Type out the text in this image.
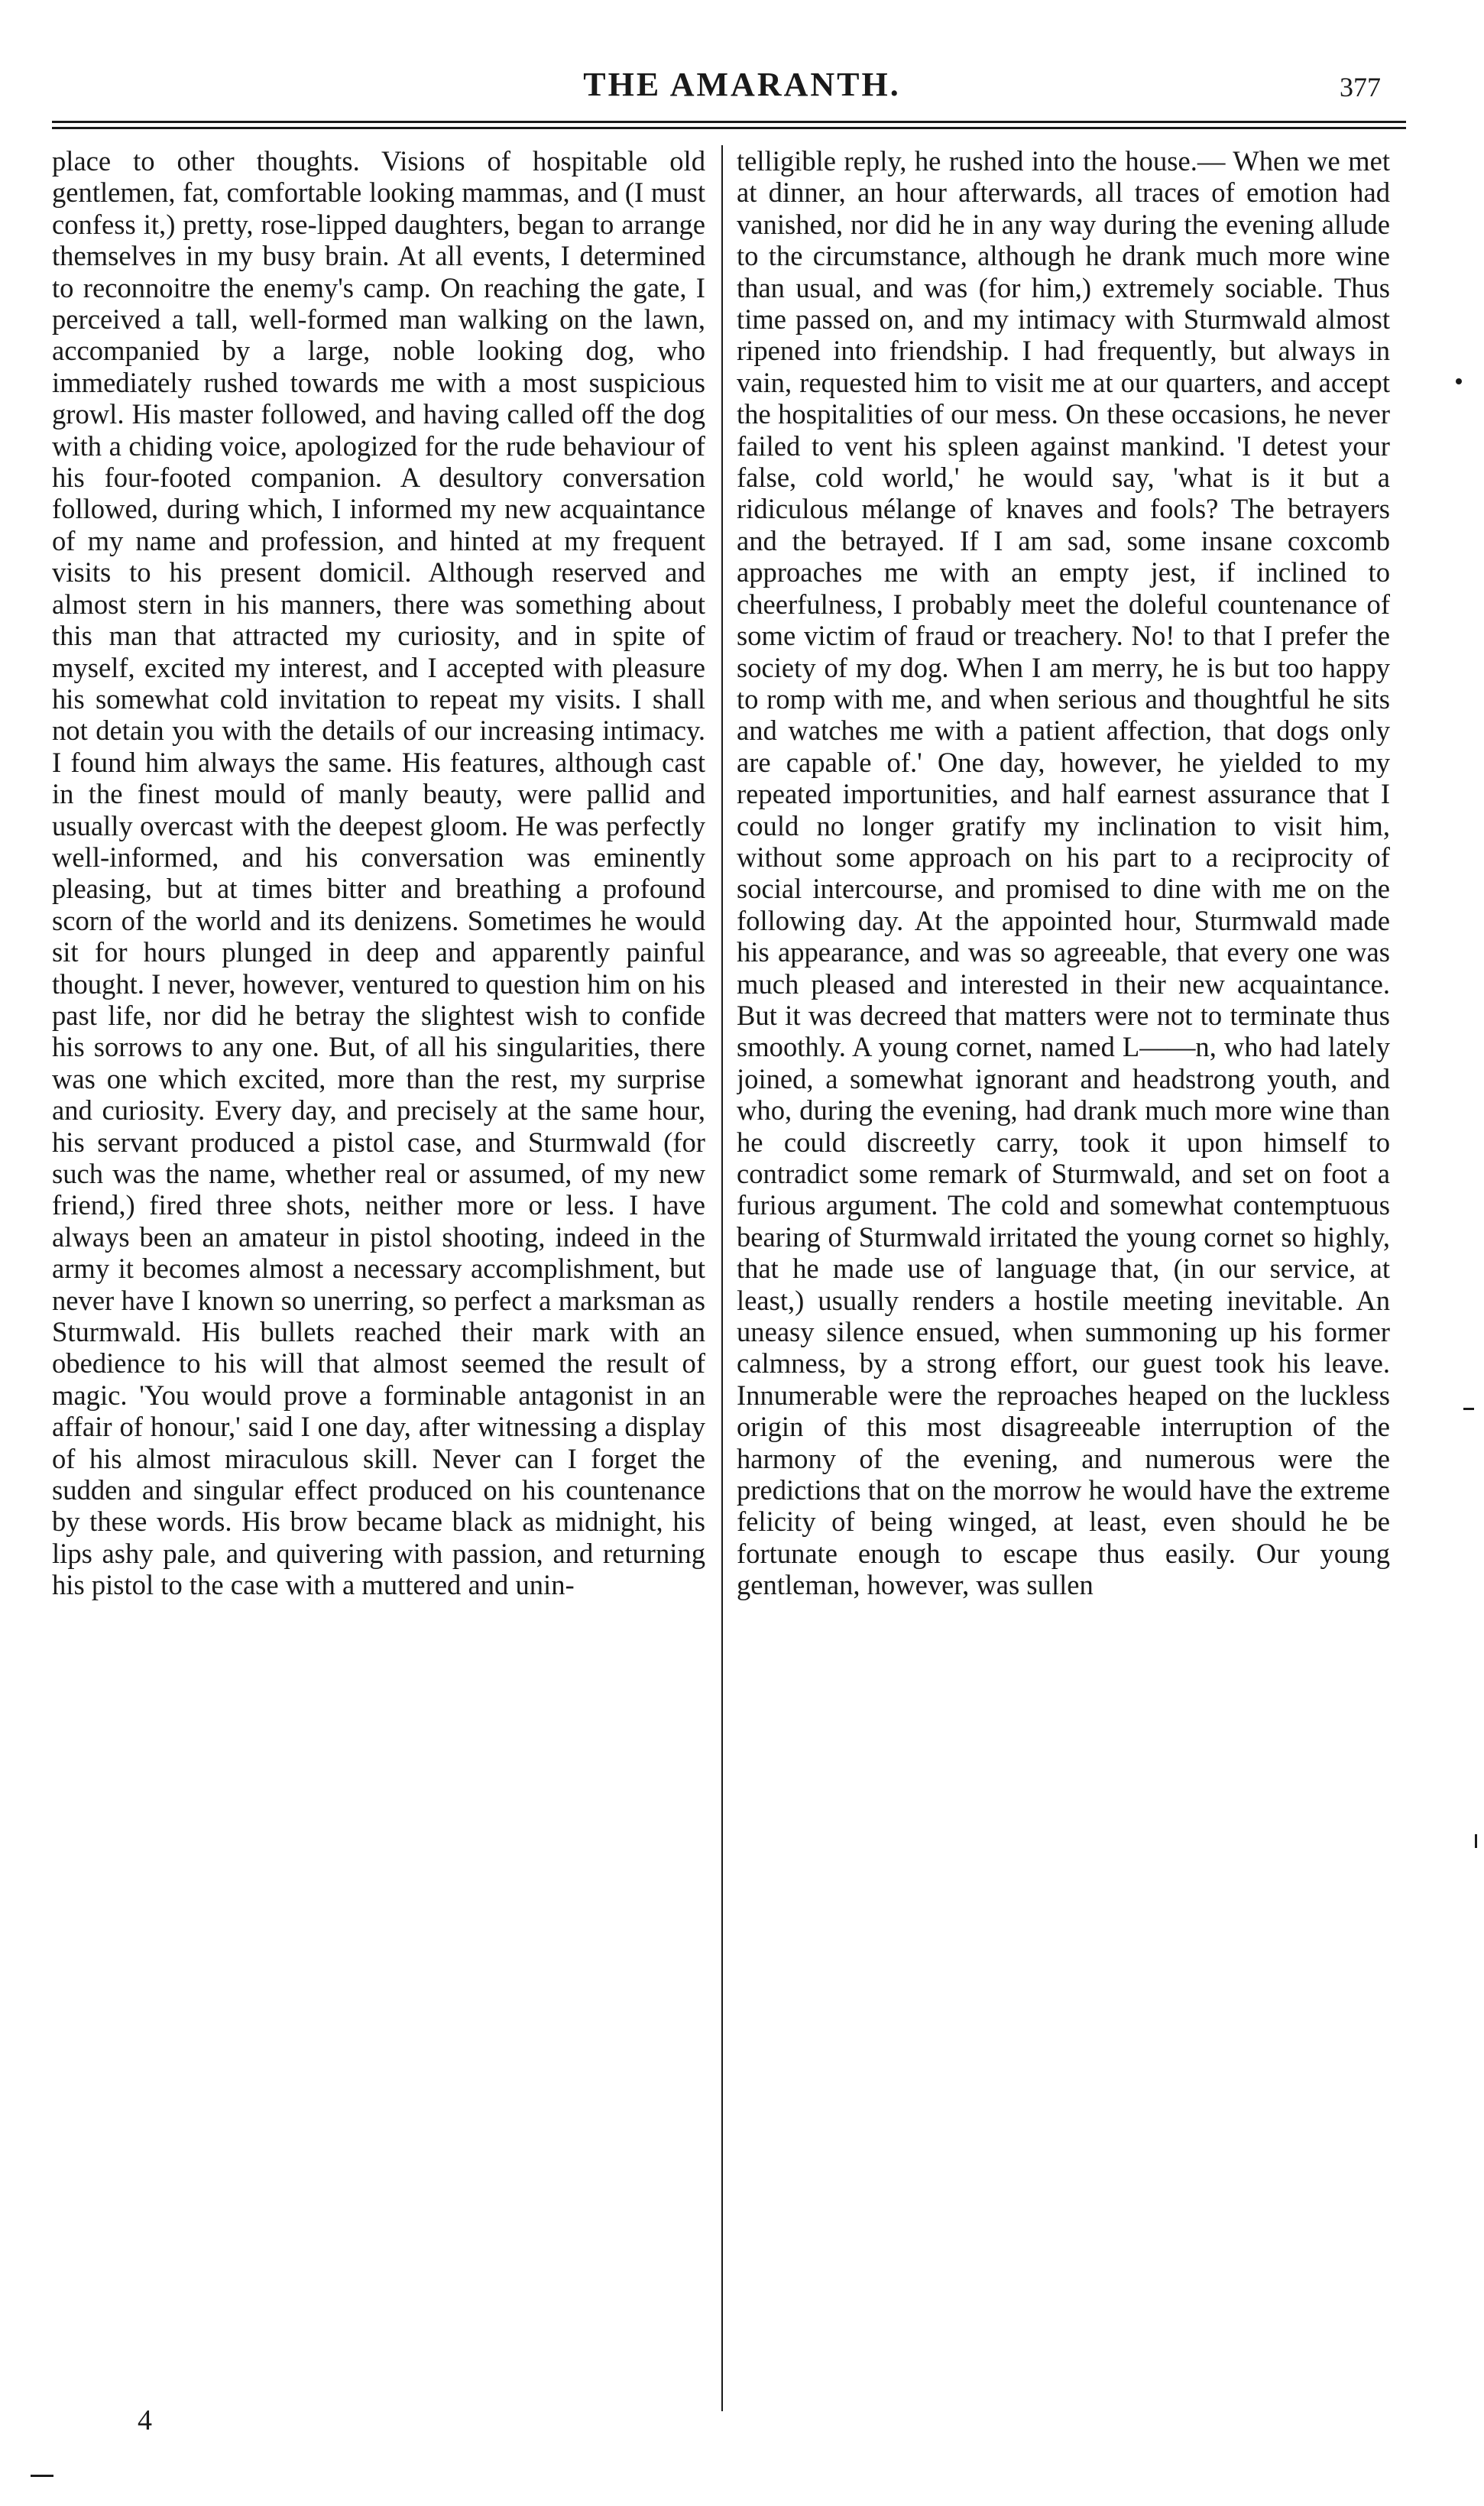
THE AMARANTH.	377

place to other thoughts. Visions of hospitable old gentlemen, fat, comfortable looking mammas, and (I must confess it,) pretty, rose-lipped daughters, began to arrange themselves in my busy brain. At all events, I determined to reconnoitre the enemy's camp. On reaching the gate, I perceived a tall, well-formed man walking on the lawn, accompanied by a large, noble looking dog, who immediately rushed towards me with a most suspicious growl. His master followed, and having called off the dog with a chiding voice, apologized for the rude behaviour of his four-footed companion. A desultory conversation followed, during which, I informed my new acquaintance of my name and profession, and hinted at my frequent visits to his present domicil. Although reserved and almost stern in his manners, there was something about this man that attracted my curiosity, and in spite of myself, excited my interest, and I accepted with pleasure his somewhat cold invitation to repeat my visits. I shall not detain you with the details of our increasing intimacy. I found him always the same. His features, although cast in the finest mould of manly beauty, were pallid and usually overcast with the deepest gloom. He was perfectly well-informed, and his conversation was eminently pleasing, but at times bitter and breathing a profound scorn of the world and its denizens. Sometimes he would sit for hours plunged in deep and apparently painful thought. I never, however, ventured to question him on his past life, nor did he betray the slightest wish to confide his sorrows to any one. But, of all his singularities, there was one which excited, more than the rest, my surprise and curiosity. Every day, and precisely at the same hour, his servant produced a pistol case, and Sturmwald (for such was the name, whether real or assumed, of my new friend,) fired three shots, neither more or less. I have always been an amateur in pistol shooting, indeed in the army it becomes almost a necessary accomplishment, but never have I known so unerring, so perfect a marksman as Sturmwald. His bullets reached their mark with an obedience to his will that almost seemed the result of magic. 'You would prove a forminable antagonist in an affair of honour,' said I one day, after witnessing a display of his almost miraculous skill. Never can I forget the sudden and singular effect produced on his countenance by these words. His brow became black as midnight, his lips ashy pale, and quivering with passion, and returning his pistol to the case with a muttered and unin-

telligible reply, he rushed into the house.— When we met at dinner, an hour afterwards, all traces of emotion had vanished, nor did he in any way during the evening allude to the circumstance, although he drank much more wine than usual, and was (for him,) extremely sociable. Thus time passed on, and my intimacy with Sturmwald almost ripened into friendship. I had frequently, but always in vain, requested him to visit me at our quarters, and accept the hospitalities of our mess. On these occasions, he never failed to vent his spleen against mankind. 'I detest your false, cold world,' he would say, 'what is it but a ridiculous mélange of knaves and fools? The betrayers and the betrayed. If I am sad, some insane coxcomb approaches me with an empty jest, if inclined to cheerfulness, I probably meet the doleful countenance of some victim of fraud or treachery. No! to that I prefer the society of my dog. When I am merry, he is but too happy to romp with me, and when serious and thoughtful he sits and watches me with a patient affection, that dogs only are capable of.' One day, however, he yielded to my repeated importunities, and half earnest assurance that I could no longer gratify my inclination to visit him, without some approach on his part to a reciprocity of social intercourse, and promised to dine with me on the following day. At the appointed hour, Sturmwald made his appearance, and was so agreeable, that every one was much pleased and interested in their new acquaintance. But it was decreed that matters were not to terminate thus smoothly. A young cornet, named L——n, who had lately joined, a somewhat ignorant and headstrong youth, and who, during the evening, had drank much more wine than he could discreetly carry, took it upon himself to contradict some remark of Sturmwald, and set on foot a furious argument. The cold and somewhat contemptuous bearing of Sturmwald irritated the young cornet so highly, that he made use of language that, (in our service, at least,) usually renders a hostile meeting inevitable. An uneasy silence ensued, when summoning up his former calmness, by a strong effort, our guest took his leave. Innumerable were the reproaches heaped on the luckless origin of this most disagreeable interruption of the harmony of the evening, and numerous were the predictions that on the morrow he would have the extreme felicity of being winged, at least, even should he be fortunate enough to escape thus easily. Our young gentleman, however, was sullen

4
